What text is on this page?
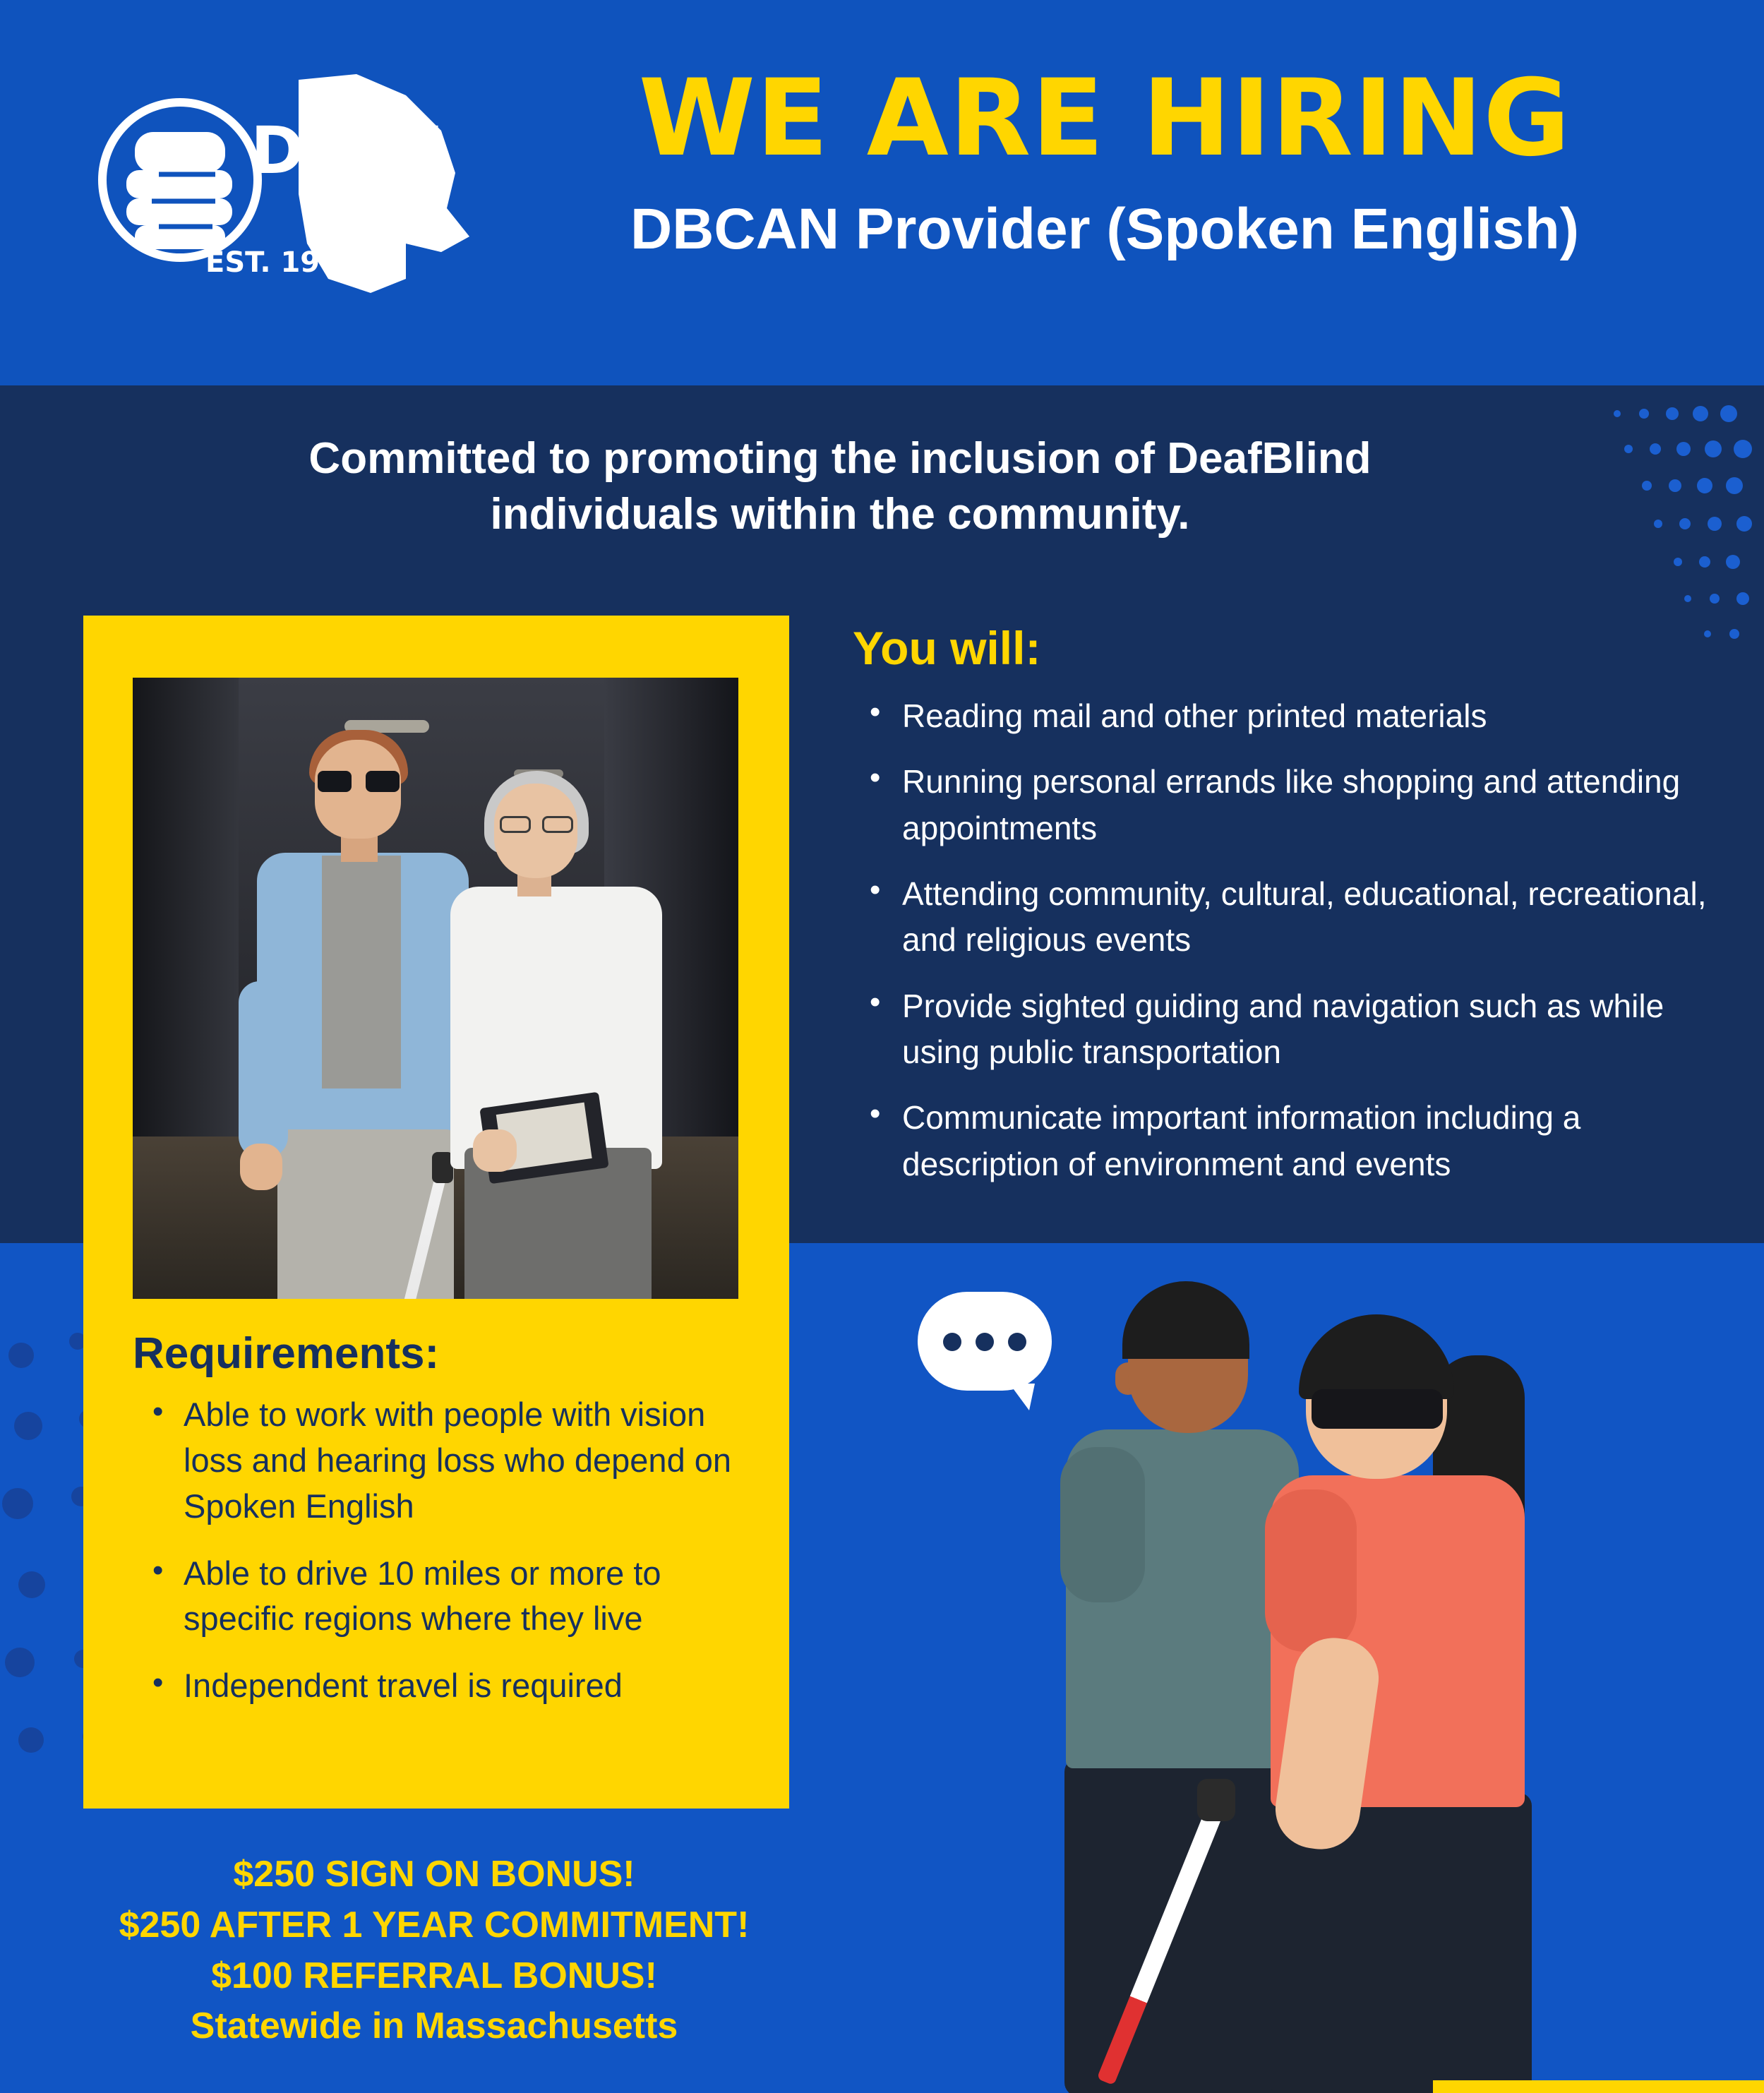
DEAF
INC
EST. 1977
WE ARE HIRING
DBCAN Provider (Spoken English)
Committed to promoting the inclusion of DeafBlind individuals within the community.
Requirements:
• Able to work with people with vision loss and hearing loss who depend on Spoken English
• Able to drive 10 miles or more to specific regions where they live
• Independent travel is required
You will:
• Reading mail and other printed materials
• Running personal errands like shopping and attending appointments
• Attending community, cultural, educational, recreational, and religious events
• Provide sighted guiding and navigation such as while using public transportation
• Communicate important information including a description of environment and events
$250 SIGN ON BONUS!
$250 AFTER 1 YEAR COMMITMENT!
$100 REFERRAL BONUS!
Statewide in Massachusetts
